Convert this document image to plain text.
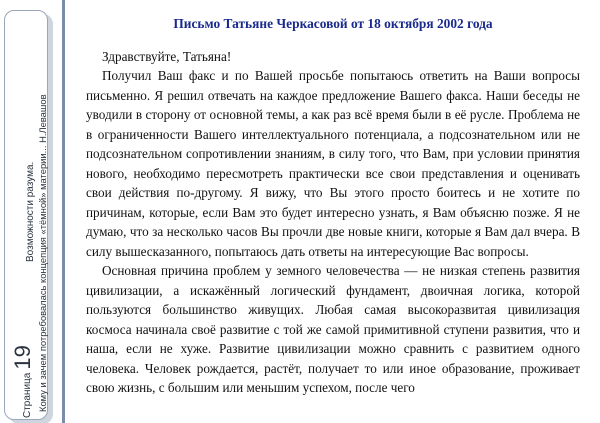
Возможности разума. Кому и зачем потребовалась концепция «тёмной» материи... Н.Левашов
Страница
19
Письмо Татьяне Черкасовой от 18 октября 2002 года

Здравствуйте, Татьяна!

Получил Ваш факс и по Вашей просьбе попытаюсь ответить на Ваши вопросы письменно. Я решил отвечать на каждое предложение Вашего факса. Наши беседы не уводили в сторону от основной темы, а как раз всё время были в её русле. Проблема не в ограниченности Вашего интеллектуального потенциала, а подсознательном или не подсознательном сопротивлении знаниям, в силу того, что Вам, при условии принятия нового, необходимо пересмотреть практически все свои представления и оценивать свои действия по-другому. Я вижу, что Вы этого просто боитесь и не хотите по причинам, которые, если Вам это будет интересно узнать, я Вам объясню позже. Я не думаю, что за несколько часов Вы прочли две новые книги, которые я Вам дал вчера. В силу вышесказанного, попытаюсь дать ответы на интересующие Вас вопросы.

Основная причина проблем у земного человечества — не низкая степень развития цивилизации, а искажённый логический фундамент, двоичная логика, которой пользуются большинство живущих. Любая самая высокоразвитая цивилизация космоса начинала своё развитие с той же самой примитивной ступени развития, что и наша, если не хуже. Развитие цивилизации можно сравнить с развитием одного человека. Человек рождается, растёт, получает то или иное образование, проживает свою жизнь, с большим или меньшим успехом, после чего
